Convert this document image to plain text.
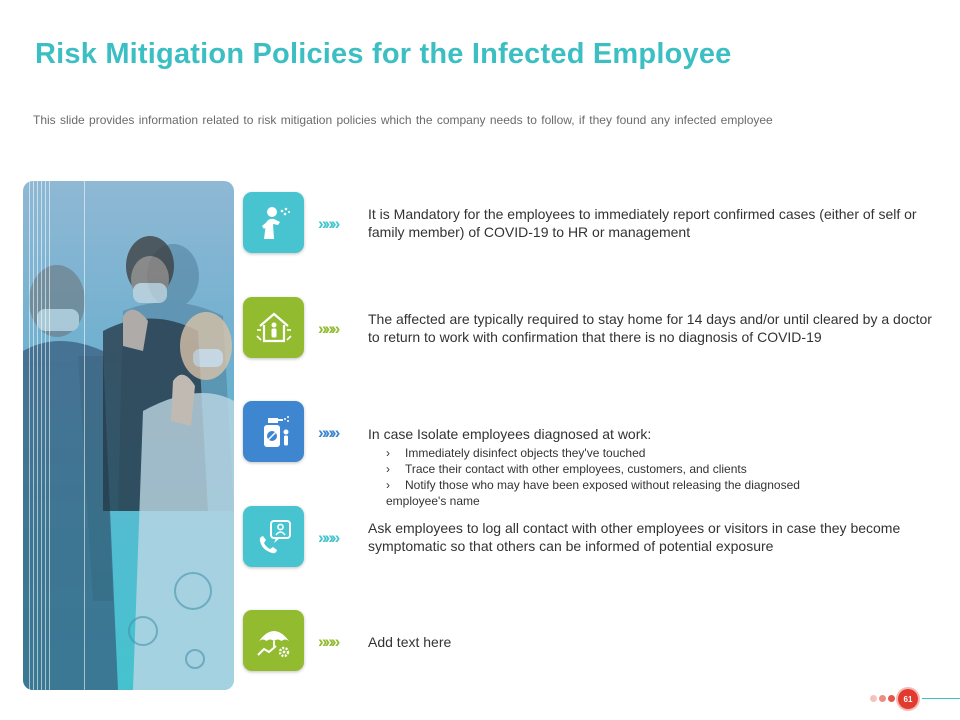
Risk Mitigation Policies for the Infected Employee
This slide provides information related to risk mitigation policies which the company needs to follow, if they found any infected employee
»»» It is Mandatory for the employees to immediately report confirmed cases (either of self or family member) of COVID-19 to HR or management
»»» The affected are typically required to stay home for 14 days and/or until cleared by a doctor to return to work with confirmation that there is no diagnosis of COVID-19
»»» In case Isolate employees diagnosed at work:
› Immediately disinfect objects they've touched
› Trace their contact with other employees, customers, and clients
› Notify those who may have been exposed without releasing the diagnosed
employee's name
»»» Ask employees to log all contact with other employees or visitors in case they become symptomatic so that others can be informed of potential exposure
»»» Add text here
61
